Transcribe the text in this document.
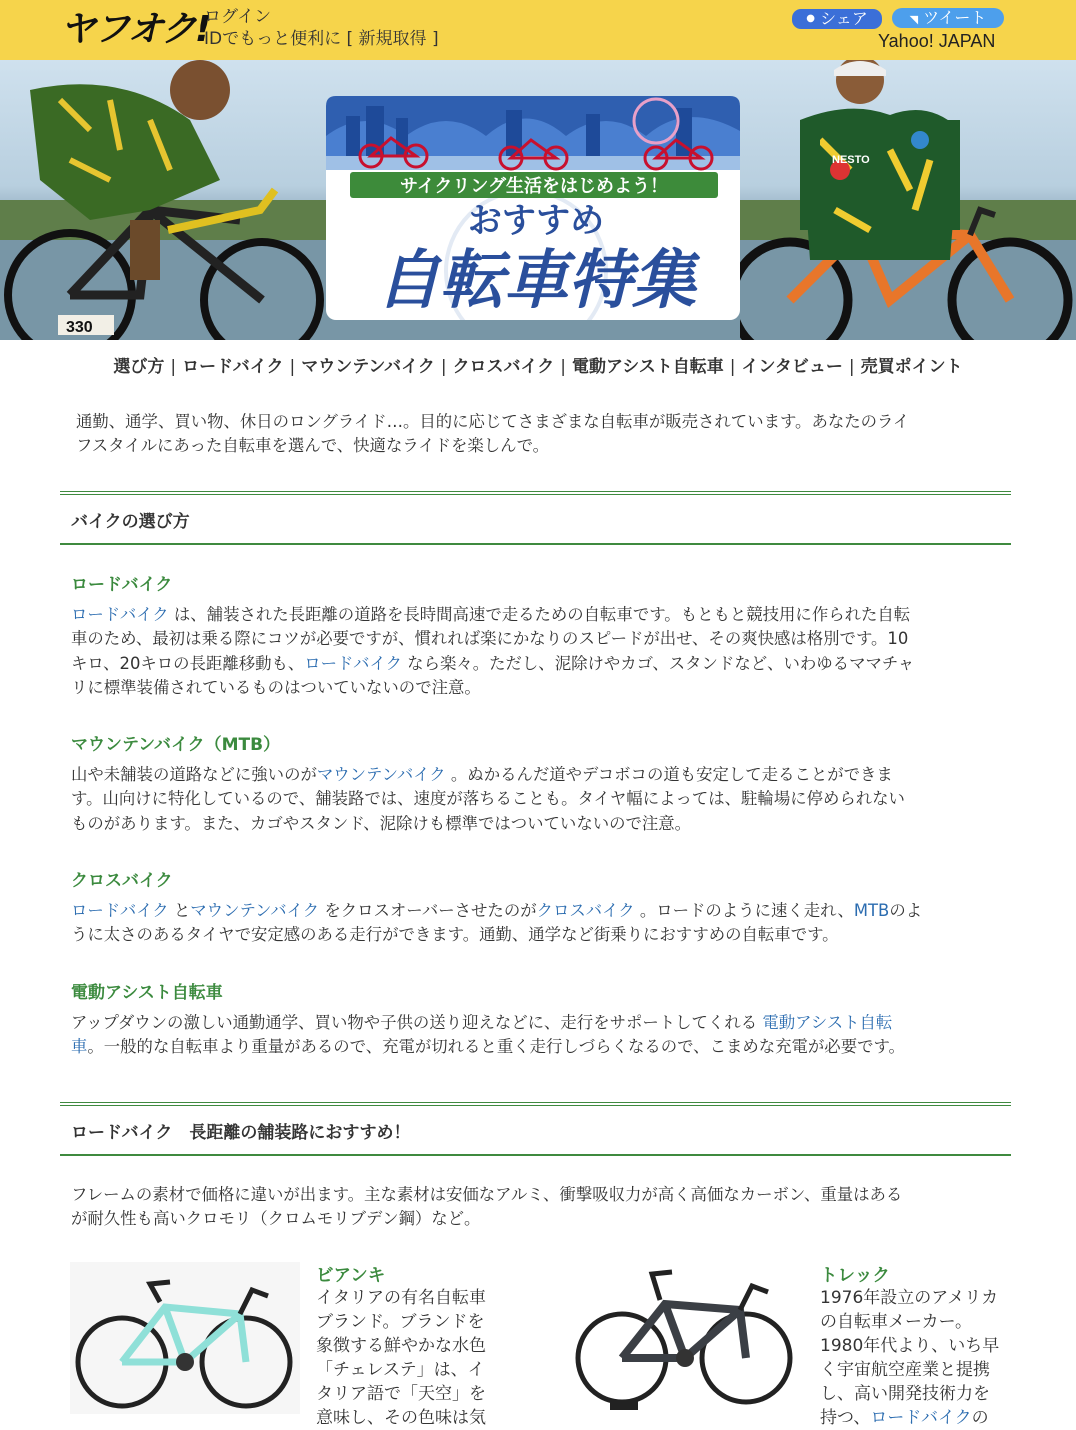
ヤフオク!
ログイン
IDでもっと便利に [ 新規取得 ]
● シェア	◥ ツイート
Yahoo! JAPAN
330
NESTO
サイクリング生活をはじめよう！
おすすめ
自転車特集
選び方 | ロードバイク | マウンテンバイク | クロスバイク | 電動アシスト自転車 | インタビュー | 売買ポイント
通勤、通学、買い物、休日のロングライド…。目的に応じてさまざまな自転車が販売されています。あなたのライ
フスタイルにあった自転車を選んで、快適なライドを楽しんで。
バイクの選び方
ロードバイク
ロードバイク は、舗装された長距離の道路を長時間高速で走るための自転車です。もともと競技用に作られた自転
車のため、最初は乗る際にコツが必要ですが、慣れれば楽にかなりのスピードが出せ、その爽快感は格別です。10
キロ、20キロの長距離移動も、ロードバイク なら楽々。ただし、泥除けやカゴ、スタンドなど、いわゆるママチャ
リに標準装備されているものはついていないので注意。
マウンテンバイク（MTB）
山や未舗装の道路などに強いのがマウンテンバイク 。ぬかるんだ道やデコボコの道も安定して走ることができま
す。山向けに特化しているので、舗装路では、速度が落ちることも。タイヤ幅によっては、駐輪場に停められない
ものがあります。また、カゴやスタンド、泥除けも標準ではついていないので注意。
クロスバイク
ロードバイク とマウンテンバイク をクロスオーバーさせたのがクロスバイク 。ロードのように速く走れ、MTBのよ
うに太さのあるタイヤで安定感のある走行ができます。通勤、通学など街乗りにおすすめの自転車です。
電動アシスト自転車
アップダウンの激しい通勤通学、買い物や子供の送り迎えなどに、走行をサポートしてくれる 電動アシスト自転
車。一般的な自転車より重量があるので、充電が切れると重く走行しづらくなるので、こまめな充電が必要です。
ロードバイク　長距離の舗装路におすすめ！
フレームの素材で価格に違いが出ます。主な素材は安価なアルミ、衝撃吸収力が高く高価なカーボン、重量はある
が耐久性も高いクロモリ（クロムモリブデン鋼）など。
ビアンキ
イタリアの有名自転車
ブランド。ブランドを
象徴する鮮やかな水色
「チェレステ」は、イ
タリア語で「天空」を
意味し、その色味は気
トレック
1976年設立のアメリカ
の自転車メーカー。
1980年代より、いち早
く宇宙航空産業と提携
し、高い開発技術力を
持つ、ロードバイクの
